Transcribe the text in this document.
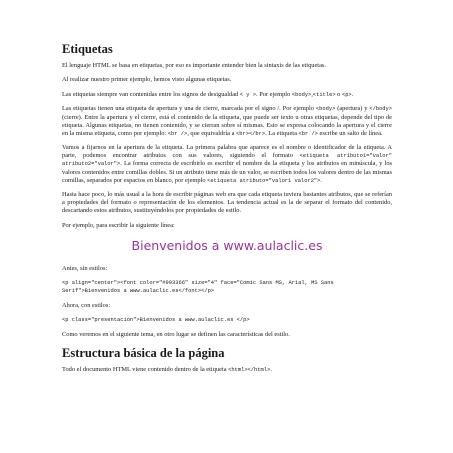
Etiquetas

El lenguaje HTML se basa en etiquetas, por eso es importante entender bien la sintaxis de las etiquetas.

Al realizar nuestro primer ejemplo, hemos visto algunas etiquetas.

Las etiquetas siempre van contenidas entre los signos de desigualdad < y >. Por ejemplo <body>,<title> o <p>.

Las etiquetas tienen una etiqueta de apertura y una de cierre, marcada por el signo /. Por ejemplo <body> (apertura) y </body> (cierre). Entre la apertura y el cierre, está el contenido de la etiqueta, que puede ser texto u otras etiquetas, depende del tipo de etiqueta. Algunas etiquetas, no tienen contenido, y se cierran sobre sí mismas. Esto se expresa colocando la apertura y el cierre en la misma etiqueta, como por ejemplo: <br />, que equivaldría a <br></br>. La etiqueta <br /> escribe un salto de línea.

Vamos a fijarnos en la apertura de la etiqueta. La primera palabra que aparece es el nombre o identificador de la etiqueta. A parte, podemos encontrar atributos con sus valores, siguiendo el formato <etiqueta atributo1="valor" atributo2="valor">. La forma correcta de escribirlo es escribir el nombre de la etiqueta y los atributos en minúscula, y los valores contenidos entre comillas dobles. Si un atributo tiene más de un valor, se escriben todos los valores dentro de las mismas comillas, separados por espacios en blanco, por ejemplo <etiqueta atributo="valor1 valor2">.

Hasta hace poco, lo más usual a la hora de escribir páginas web era que cada etiqueta tuviera bastantes atributos, que se referían a propiedades del formato o representación de los elementos. La tendencia actual es la de separar el formato del contenido, descartando estos atributos, sustituyéndolos por propiedades de estilo.

Por ejemplo, para escribir la siguiente línea:

Bienvenidos a www.aulaclic.es

Antes, sin estilos:

<p align="center"><font color="#993366" size="4" face="Comic Sans MS, Arial, MS Sans Serif">Bienvenidos a www.aulaclic.es</font></p>

Ahora, con estilos:

<p class="presentacion">Bienvenidos a www.aulaclic.es </p>

Como veremos en el siguiente tema, en otro lugar se definen las características del estilo.

Estructura básica de la página

Todo el documento HTML viene contenido dentro de la etiqueta <html></html>.
